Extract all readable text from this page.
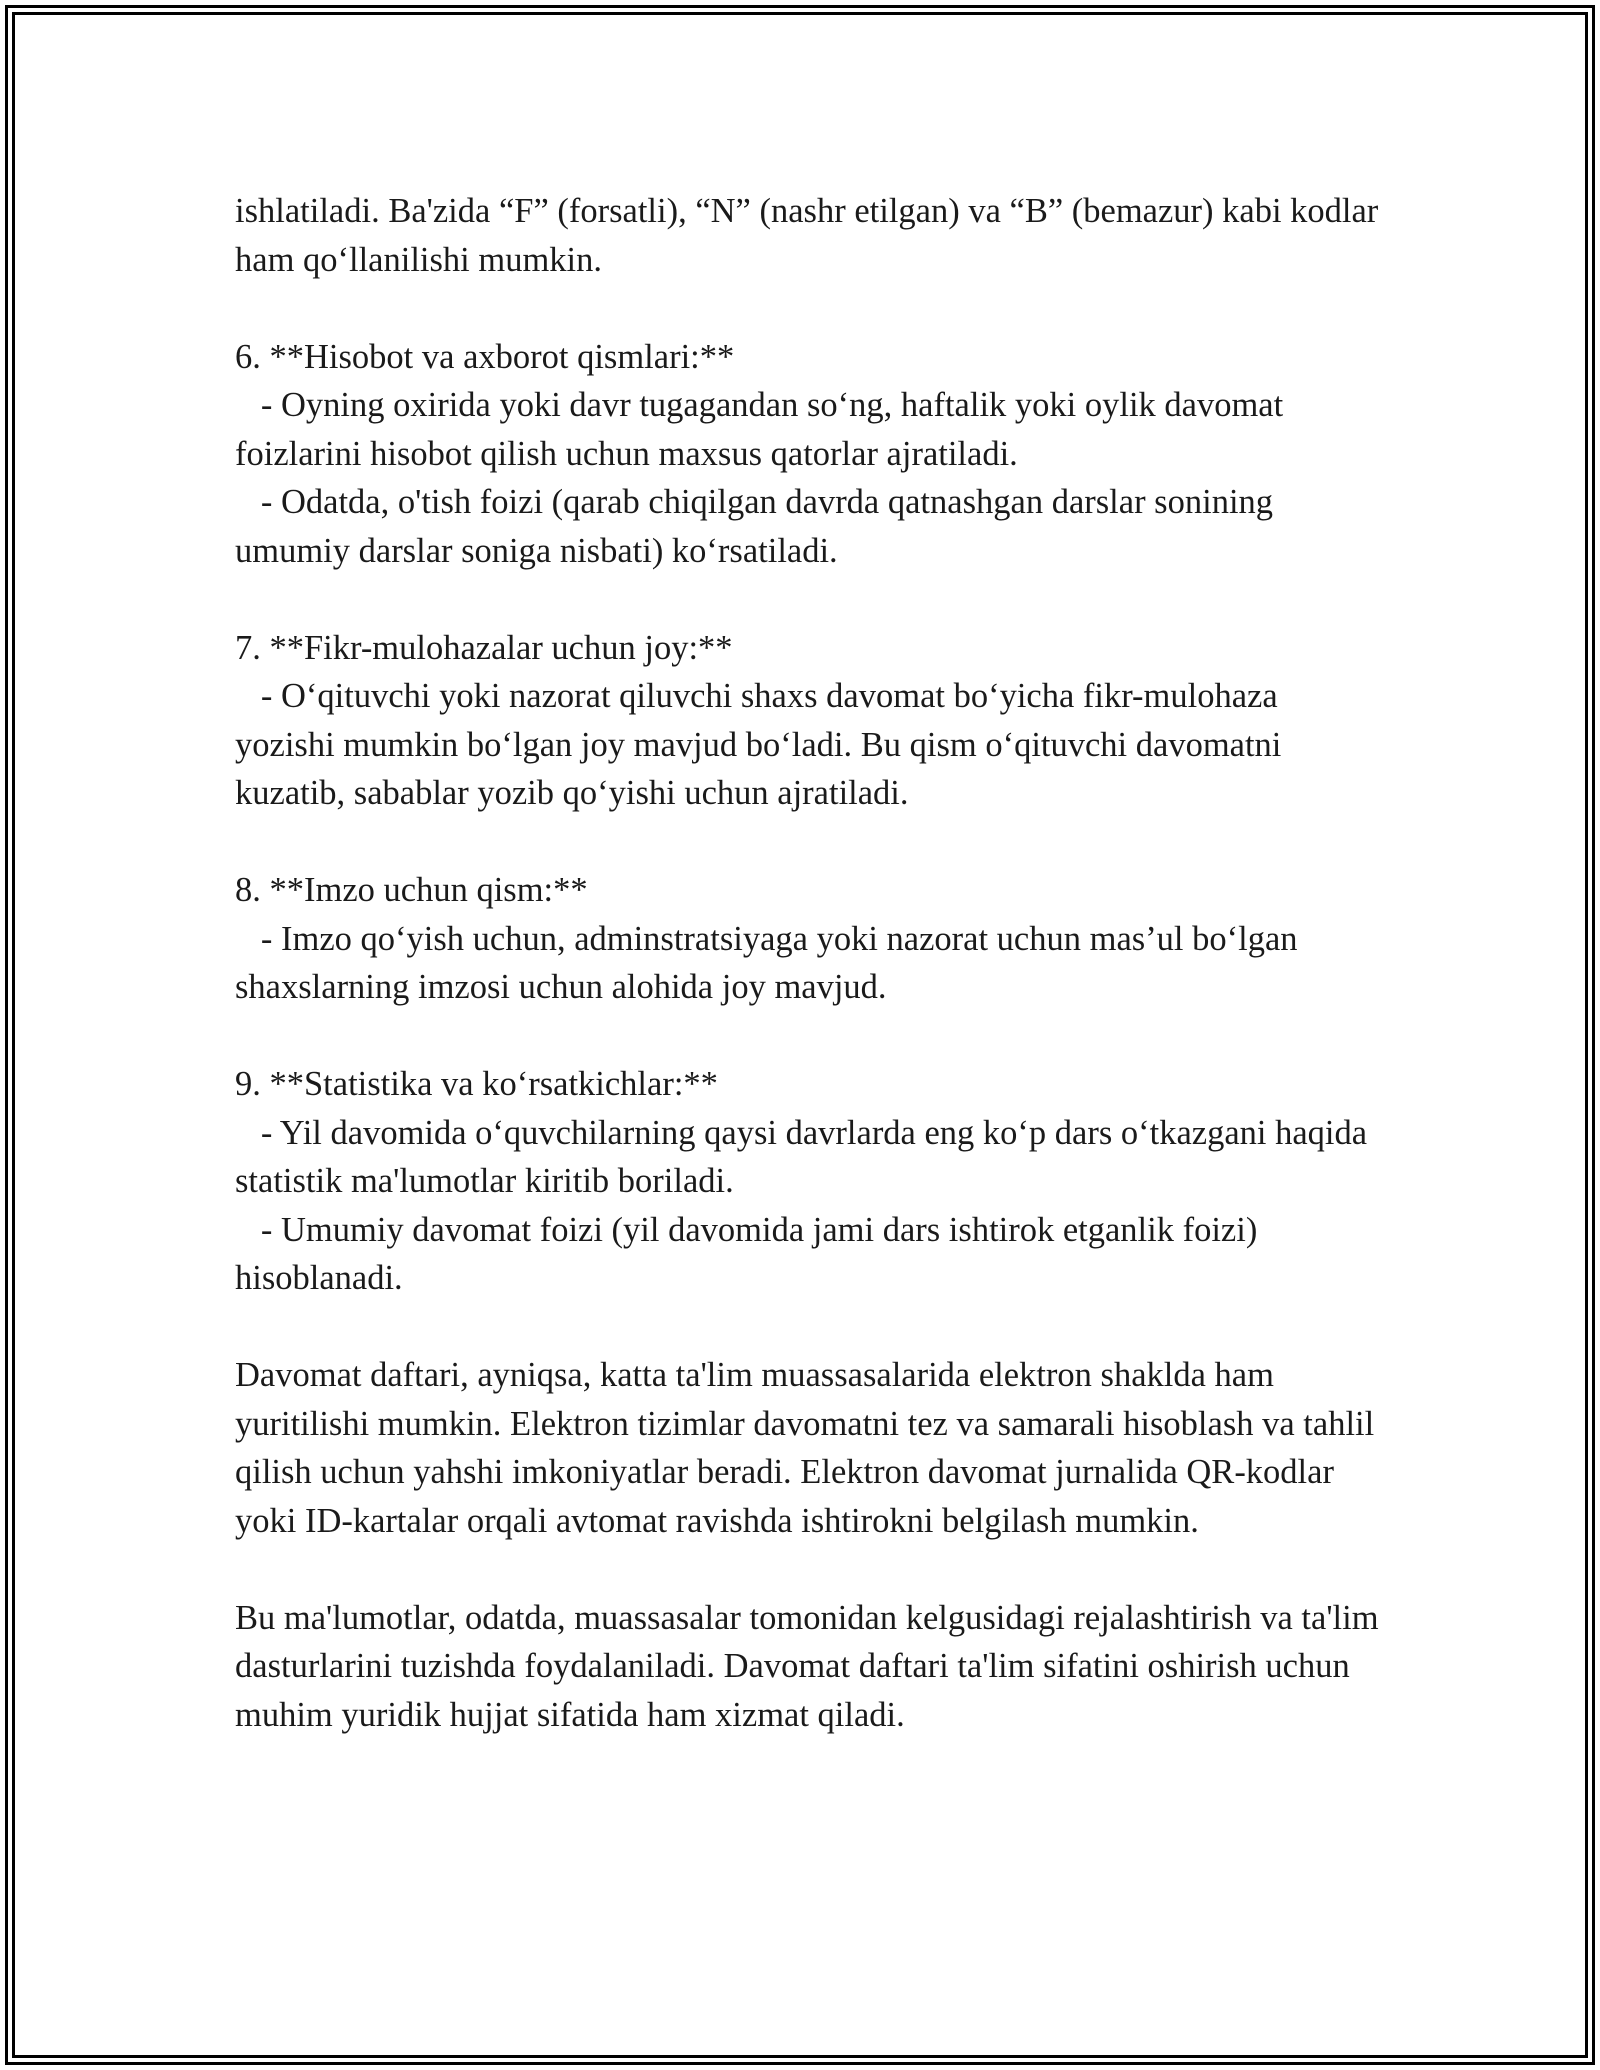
ishlatiladi. Ba'zida “F” (forsatli), “N” (nashr etilgan) va “B” (bemazur) kabi kodlar ham qo‘llanilishi mumkin.

6. **Hisobot va axborot qismlari:**

- Oyning oxirida yoki davr tugagandan so‘ng, haftalik yoki oylik davomat foizlarini hisobot qilish uchun maxsus qatorlar ajratiladi.

- Odatda, o'tish foizi (qarab chiqilgan davrda qatnashgan darslar sonining umumiy darslar soniga nisbati) ko‘rsatiladi.

7. **Fikr-mulohazalar uchun joy:**

- O‘qituvchi yoki nazorat qiluvchi shaxs davomat bo‘yicha fikr-mulohaza yozishi mumkin bo‘lgan joy mavjud bo‘ladi. Bu qism o‘qituvchi davomatni kuzatib, sabablar yozib qo‘yishi uchun ajratiladi.

8. **Imzo uchun qism:**

- Imzo qo‘yish uchun, adminstratsiyaga yoki nazorat uchun mas’ul bo‘lgan shaxslarning imzosi uchun alohida joy mavjud.

9. **Statistika va ko‘rsatkichlar:**

- Yil davomida o‘quvchilarning qaysi davrlarda eng ko‘p dars o‘tkazgani haqida statistik ma'lumotlar kiritib boriladi.

- Umumiy davomat foizi (yil davomida jami dars ishtirok etganlik foizi) hisoblanadi.

Davomat daftari, ayniqsa, katta ta'lim muassasalarida elektron shaklda ham yuritilishi mumkin. Elektron tizimlar davomatni tez va samarali hisoblash va tahlil qilish uchun yahshi imkoniyatlar beradi. Elektron davomat jurnalida QR-kodlar yoki ID-kartalar orqali avtomat ravishda ishtirokni belgilash mumkin.

Bu ma'lumotlar, odatda, muassasalar tomonidan kelgusidagi rejalashtirish va ta'lim dasturlarini tuzishda foydalaniladi. Davomat daftari ta'lim sifatini oshirish uchun muhim yuridik hujjat sifatida ham xizmat qiladi.
